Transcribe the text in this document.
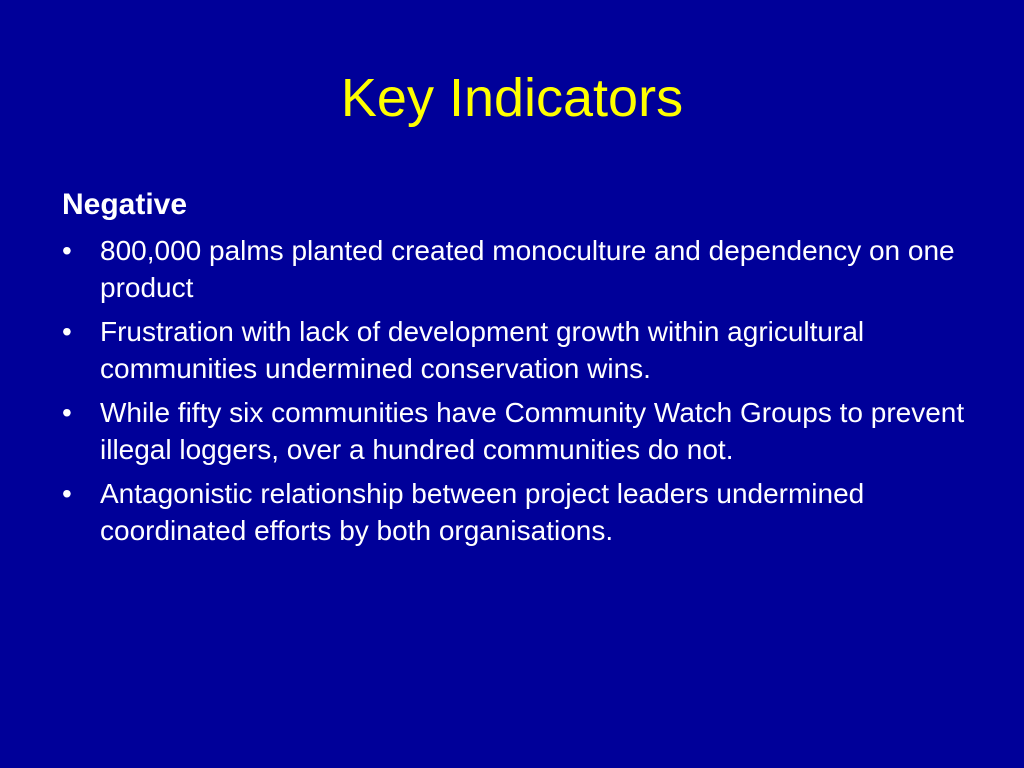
Key Indicators
Negative
•	800,000 palms planted created monoculture and dependency on one product
•	Frustration with lack of development growth within agricultural communities undermined conservation wins.
•	While fifty six communities have Community Watch Groups to prevent illegal loggers, over a hundred communities do not.
•	Antagonistic relationship between project leaders undermined coordinated efforts by both organisations.
